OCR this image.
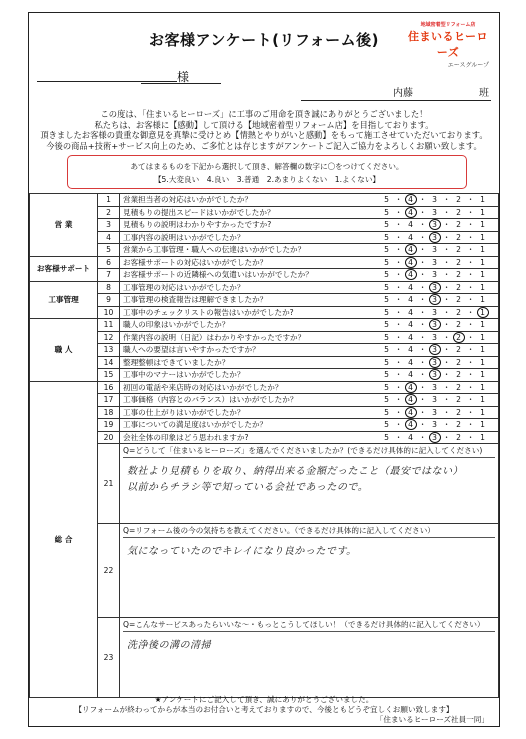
お客様アンケート(リフォーム後)
地域密着型リフォーム店
住まいるヒーローズ
エースグループ
様
内藤	班
この度は、「住まいるヒーローズ」に工事のご用命を頂き誠にありがとうございました！
私たちは、お客様に【感動】して頂ける【地域密着型リフォーム店】を目指しております。
頂きましたお客様の貴重な御意見を真摯に受けとめ【情熱とやりがいと感動】をもって施工させていただいております。
今後の商品+技術+サービス向上のため、ご多忙とは存じますがアンケートご記入ご協力をよろしくお願い致します。
あてはまるものを下記から選択して頂き、解答欄の数字に〇をつけてください。
【5.大変良い　4.良い　3.普通　2.あまりよくない　1.よくない】
営 業	1	営業担当者の対応はいかがでしたか？	5 ・ 4 ・ 3 ・ 2 ・ 1
	2	見積もりの提出スピードはいかがでしたか？	5 ・ 4 ・ 3 ・ 2 ・ 1
	3	見積もりの説明はわかりやすかったですか?	5 ・ 4 ・ 3 ・ 2 ・ 1
	4	工事内容の説明はいかがでしたか？	5 ・ 4 ・ 3 ・ 2 ・ 1
	5	営業から工事管理・職人への伝達はいかがでしたか？	5 ・ 4 ・ 3 ・ 2 ・ 1
お客様サポート	6	お客様サポートの対応はいかがでしたか？	5 ・ 4 ・ 3 ・ 2 ・ 1
	7	お客様サポートの近隣様への気遣いはいかがでしたか？	5 ・ 4 ・ 3 ・ 2 ・ 1
工事管理	8	工事管理の対応はいかがでしたか？	5 ・ 4 ・ 3 ・ 2 ・ 1
	9	工事管理の検査報告は理解できましたか？	5 ・ 4 ・ 3 ・ 2 ・ 1
	10	工事中のチェックリストの報告はいかがでしたか?	5 ・ 4 ・ 3 ・ 2 ・ 1
職 人	11	職人の印象はいかがでしたか？	5 ・ 4 ・ 3 ・ 2 ・ 1
	12	作業内容の説明（日記）はわかりやすかったですか？	5 ・ 4 ・ 3 ・ 2 ・ 1
	13	職人への要望は言いやすかったですか？	5 ・ 4 ・ 3 ・ 2 ・ 1
	14	整理整頓はできていましたか？	5 ・ 4 ・ 3 ・ 2 ・ 1
	15	工事中のマナーはいかがでしたか？	5 ・ 4 ・ 3 ・ 2 ・ 1
総 合	16	初回の電話や来店時の対応はいかがでしたか？	5 ・ 4 ・ 3 ・ 2 ・ 1
	17	工事価格（内容とのバランス）はいかがでしたか？	5 ・ 4 ・ 3 ・ 2 ・ 1
	18	工事の仕上がりはいかがでしたか？	5 ・ 4 ・ 3 ・ 2 ・ 1
	19	工事についての満足度はいかがでしたか？	5 ・ 4 ・ 3 ・ 2 ・ 1
	20	会社全体の印象はどう思われますか?	5 ・ 4 ・ 3 ・ 2 ・ 1
	21	Q=どうして「住まいるヒーローズ」を選んでくださいましたか？(できるだけ具体的に記入してください)
数社より見積もりを取り、納得出来る金額だったこと（最安ではない）
以前からチラシ等で知っている会社であったので。	

	22	Q=リフォーム後の今の気持ちを教えてください。（できるだけ具体的に記入してください）
気になっていたのでキレイになり良かったです。	

	23	Q=こんなサービスあったらいいな〜・もっとこうしてほしい！（できるだけ具体的に記入してください）
洗浄後の溝の清掃	
★アンケートにご記入して頂き、誠にありがとうございました。
【リフォームが終わってからが本当のお付合いと考えておりますので、今後ともどうぞ宜しくお願い致します】
「住まいるヒーローズ社員一同」
